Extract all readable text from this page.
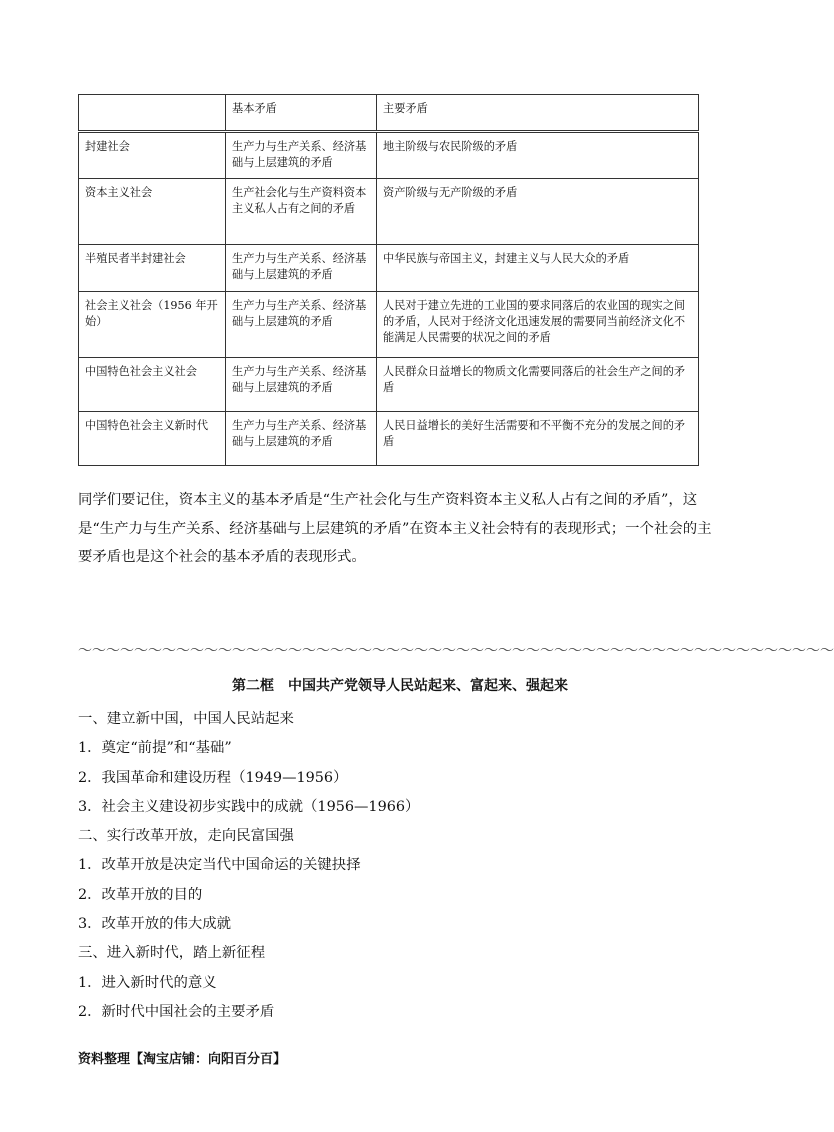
	基本矛盾	主要矛盾
封建社会	生产力与生产关系、经济基础与上层建筑的矛盾	地主阶级与农民阶级的矛盾
资本主义社会	生产社会化与生产资料资本主义私人占有之间的矛盾	资产阶级与无产阶级的矛盾
半殖民者半封建社会	生产力与生产关系、经济基础与上层建筑的矛盾	中华民族与帝国主义，封建主义与人民大众的矛盾
社会主义社会（1956 年开始）	生产力与生产关系、经济基础与上层建筑的矛盾	人民对于建立先进的工业国的要求同落后的农业国的现实之间的矛盾，人民对于经济文化迅速发展的需要同当前经济文化不能满足人民需要的状况之间的矛盾
中国特色社会主义社会	生产力与生产关系、经济基础与上层建筑的矛盾	人民群众日益增长的物质文化需要同落后的社会生产之间的矛盾
中国特色社会主义新时代	生产力与生产关系、经济基础与上层建筑的矛盾	人民日益增长的美好生活需要和不平衡不充分的发展之间的矛盾

同学们要记住，资本主义的基本矛盾是“生产社会化与生产资料资本主义私人占有之间的矛盾”，这是“生产力与生产关系、经济基础与上层建筑的矛盾”在资本主义社会特有的表现形式；一个社会的主要矛盾也是这个社会的基本矛盾的表现形式。

～～～～～～～～～～～～～～～～～～～～～～～～～～～～～～～～～～～～～～～～～～～～～～～～～～～～～～
第二框　中国共产党领导人民站起来、富起来、强起来
一、建立新中国，中国人民站起来
1．奠定“前提”和“基础”
2．我国革命和建设历程（1949—1956）
3．社会主义建设初步实践中的成就（1956—1966）
二、实行改革开放，走向民富国强
1．改革开放是决定当代中国命运的关键抉择
2．改革开放的目的
3．改革开放的伟大成就
三、进入新时代，踏上新征程
1．进入新时代的意义
2．新时代中国社会的主要矛盾
资料整理【淘宝店铺：向阳百分百】
